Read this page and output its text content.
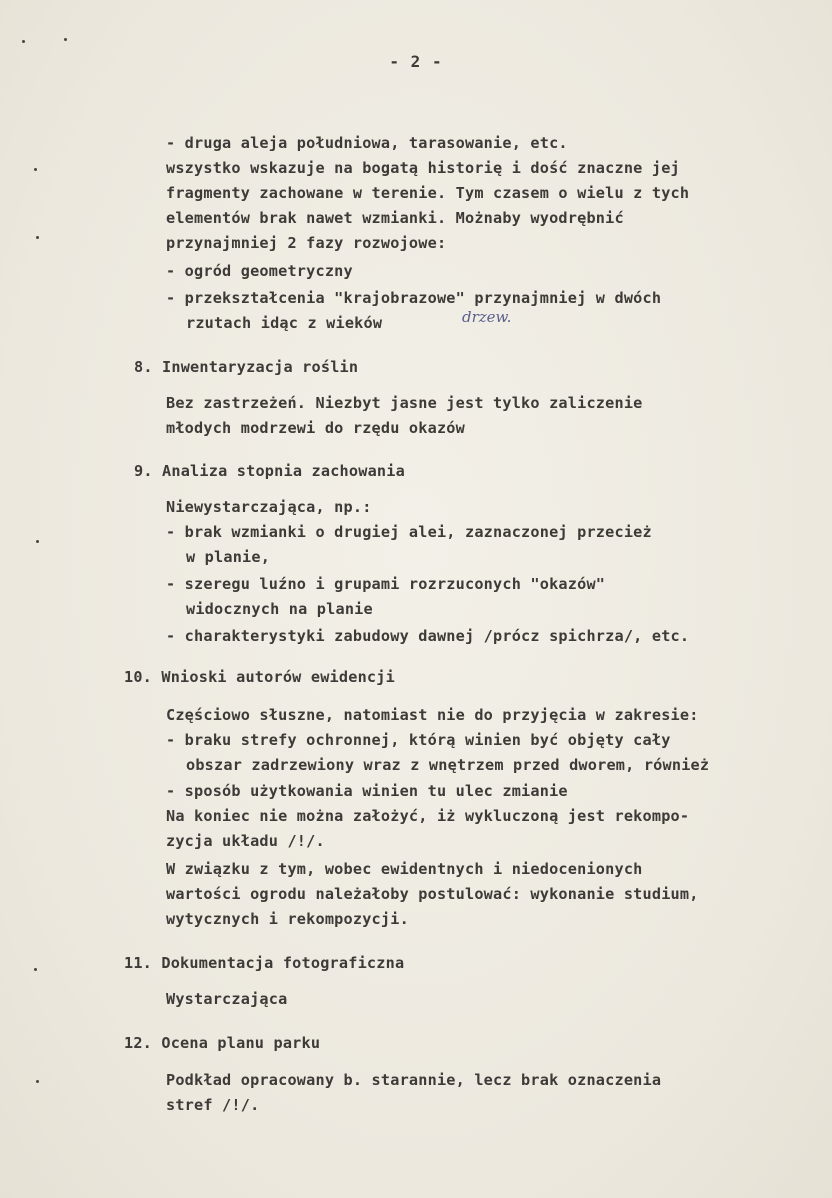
- 2 -
- druga aleja południowa, tarasowanie, etc.
wszystko wskazuje na bogatą historię i dość znaczne jej
fragmenty zachowane w terenie. Tym czasem o wielu z tych
elementów brak nawet wzmianki. Możnaby wyodrębnić
przynajmniej 2 fazy rozwojowe:
- ogród geometryczny
- przekształcenia "krajobrazowe" przynajmniej w dwóch
rzutach idąc z wieków	drzew.
8. Inwentaryzacja roślin
Bez zastrzeżeń. Niezbyt jasne jest tylko zaliczenie
młodych modrzewi do rzędu okazów
9. Analiza stopnia zachowania
Niewystarczająca, np.:
- brak wzmianki o drugiej alei, zaznaczonej przecież
w planie,
- szeregu luźno i grupami rozrzuconych "okazów"
widocznych na planie
- charakterystyki zabudowy dawnej /prócz spichrza/, etc.
10. Wnioski autorów ewidencji
Częściowo słuszne, natomiast nie do przyjęcia w zakresie:
- braku strefy ochronnej, którą winien być objęty cały
obszar zadrzewiony wraz z wnętrzem przed dworem, również
- sposób użytkowania winien tu ulec zmianie
Na koniec nie można założyć, iż wykluczoną jest rekompo-
zycja układu /!/.
W związku z tym, wobec ewidentnych i niedocenionych
wartości ogrodu należałoby postulować: wykonanie studium,
wytycznych i rekompozycji.
11. Dokumentacja fotograficzna
Wystarczająca
12. Ocena planu parku
Podkład opracowany b. starannie, lecz brak oznaczenia
stref /!/.
